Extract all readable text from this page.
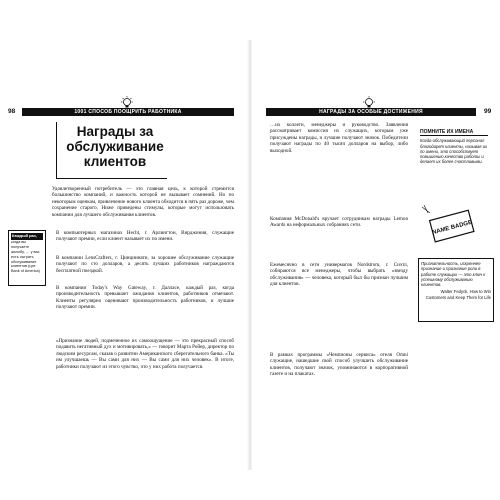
98	1001 СПОСОБ ПООЩРИТЬ РАБОТНИКА
Награды за обслуживание клиентов
Каждый раз,
когда вы получаете жалобу, … у вас есть сыграть обслуживание клиентов (цит. Bank of America)

Удовлетворенный потребитель — это главная цель, к которой стремится большинство компаний, и важность которой не вызывает сомнений. Но по некоторым оценкам, привлечение нового клиента обходится в пять раз дороже, чем сохранение старого. Ниже приведены стимулы, которые могут использовать компании для лучшего обслуживания клиентов.

В компьютерных магазинах Hecht, г. Арлингтон, Вирджиния, служащие получают премии, если клиент называет их по имени.

В компании LensCrafters, г. Цинциннати, за хорошее обслуживание служащие получают по сто долларов, а десять лучших работников награждаются бесплатной поездкой.

В компании Today's Way Gateway, г. Далласе, каждый раз, когда производительность превышает ожидания клиентов, работников отмечают. Клиенты регулярно оценивают производительность работников, и лучшие получают премии.

«Признание людей, подмеченное их самоощущение — это прекрасный способ подавить негативный дух и мотивировать,» — говорит Марта Ройер, директор по людским ресурсам, сказав о развитии Американского сберегательного банка. «Ты им улучшаешь — Вы сами для них — Вы сами для них человек». В итоге, работники получают из этого чувство, что у них работа получается.

НАГРАДЫ ЗА ОСОБЫЕ ДОСТИЖЕНИЯ	99

…их коллеги, менеджеры и руководство. Заявления рассматривает комиссия из служащих, которым уже присуждены награды, и лучшие получают значок. Победители получают награды по 40 тысяч долларов на выбор, либо выходной.

Компания McDonald's вручает сотрудникам награды Lemon Awards на неформальных собраниях сети.

Ежемесячно в сети универмагов Nordstrom, г. Сиэтл, собираются все менеджеры, чтобы выбрать «звезду обслуживания» — человека, который был бы признан лучшим для клиентов.

В рамках программы «Чемпионы сервиса» отеля Omni служащие, нашедшие свой способ улучшить обслуживание клиентов, получают значок, упоминаются в корпоративной газете и на плакатах.

ПОМНИТЕ ИХ ИМЕНА
Когда обслуживающий персонал благодарят клиенты, называя их по имени, это способствует повышению качества работы и делает их более счастливыми.
NAME BADGE
Признательность, искреннее признание и признание роли в работе служащих — это ключ к успешному обслуживанию клиентов.
Walter Fedyck, How to Win Customers and Keep Them for Life
